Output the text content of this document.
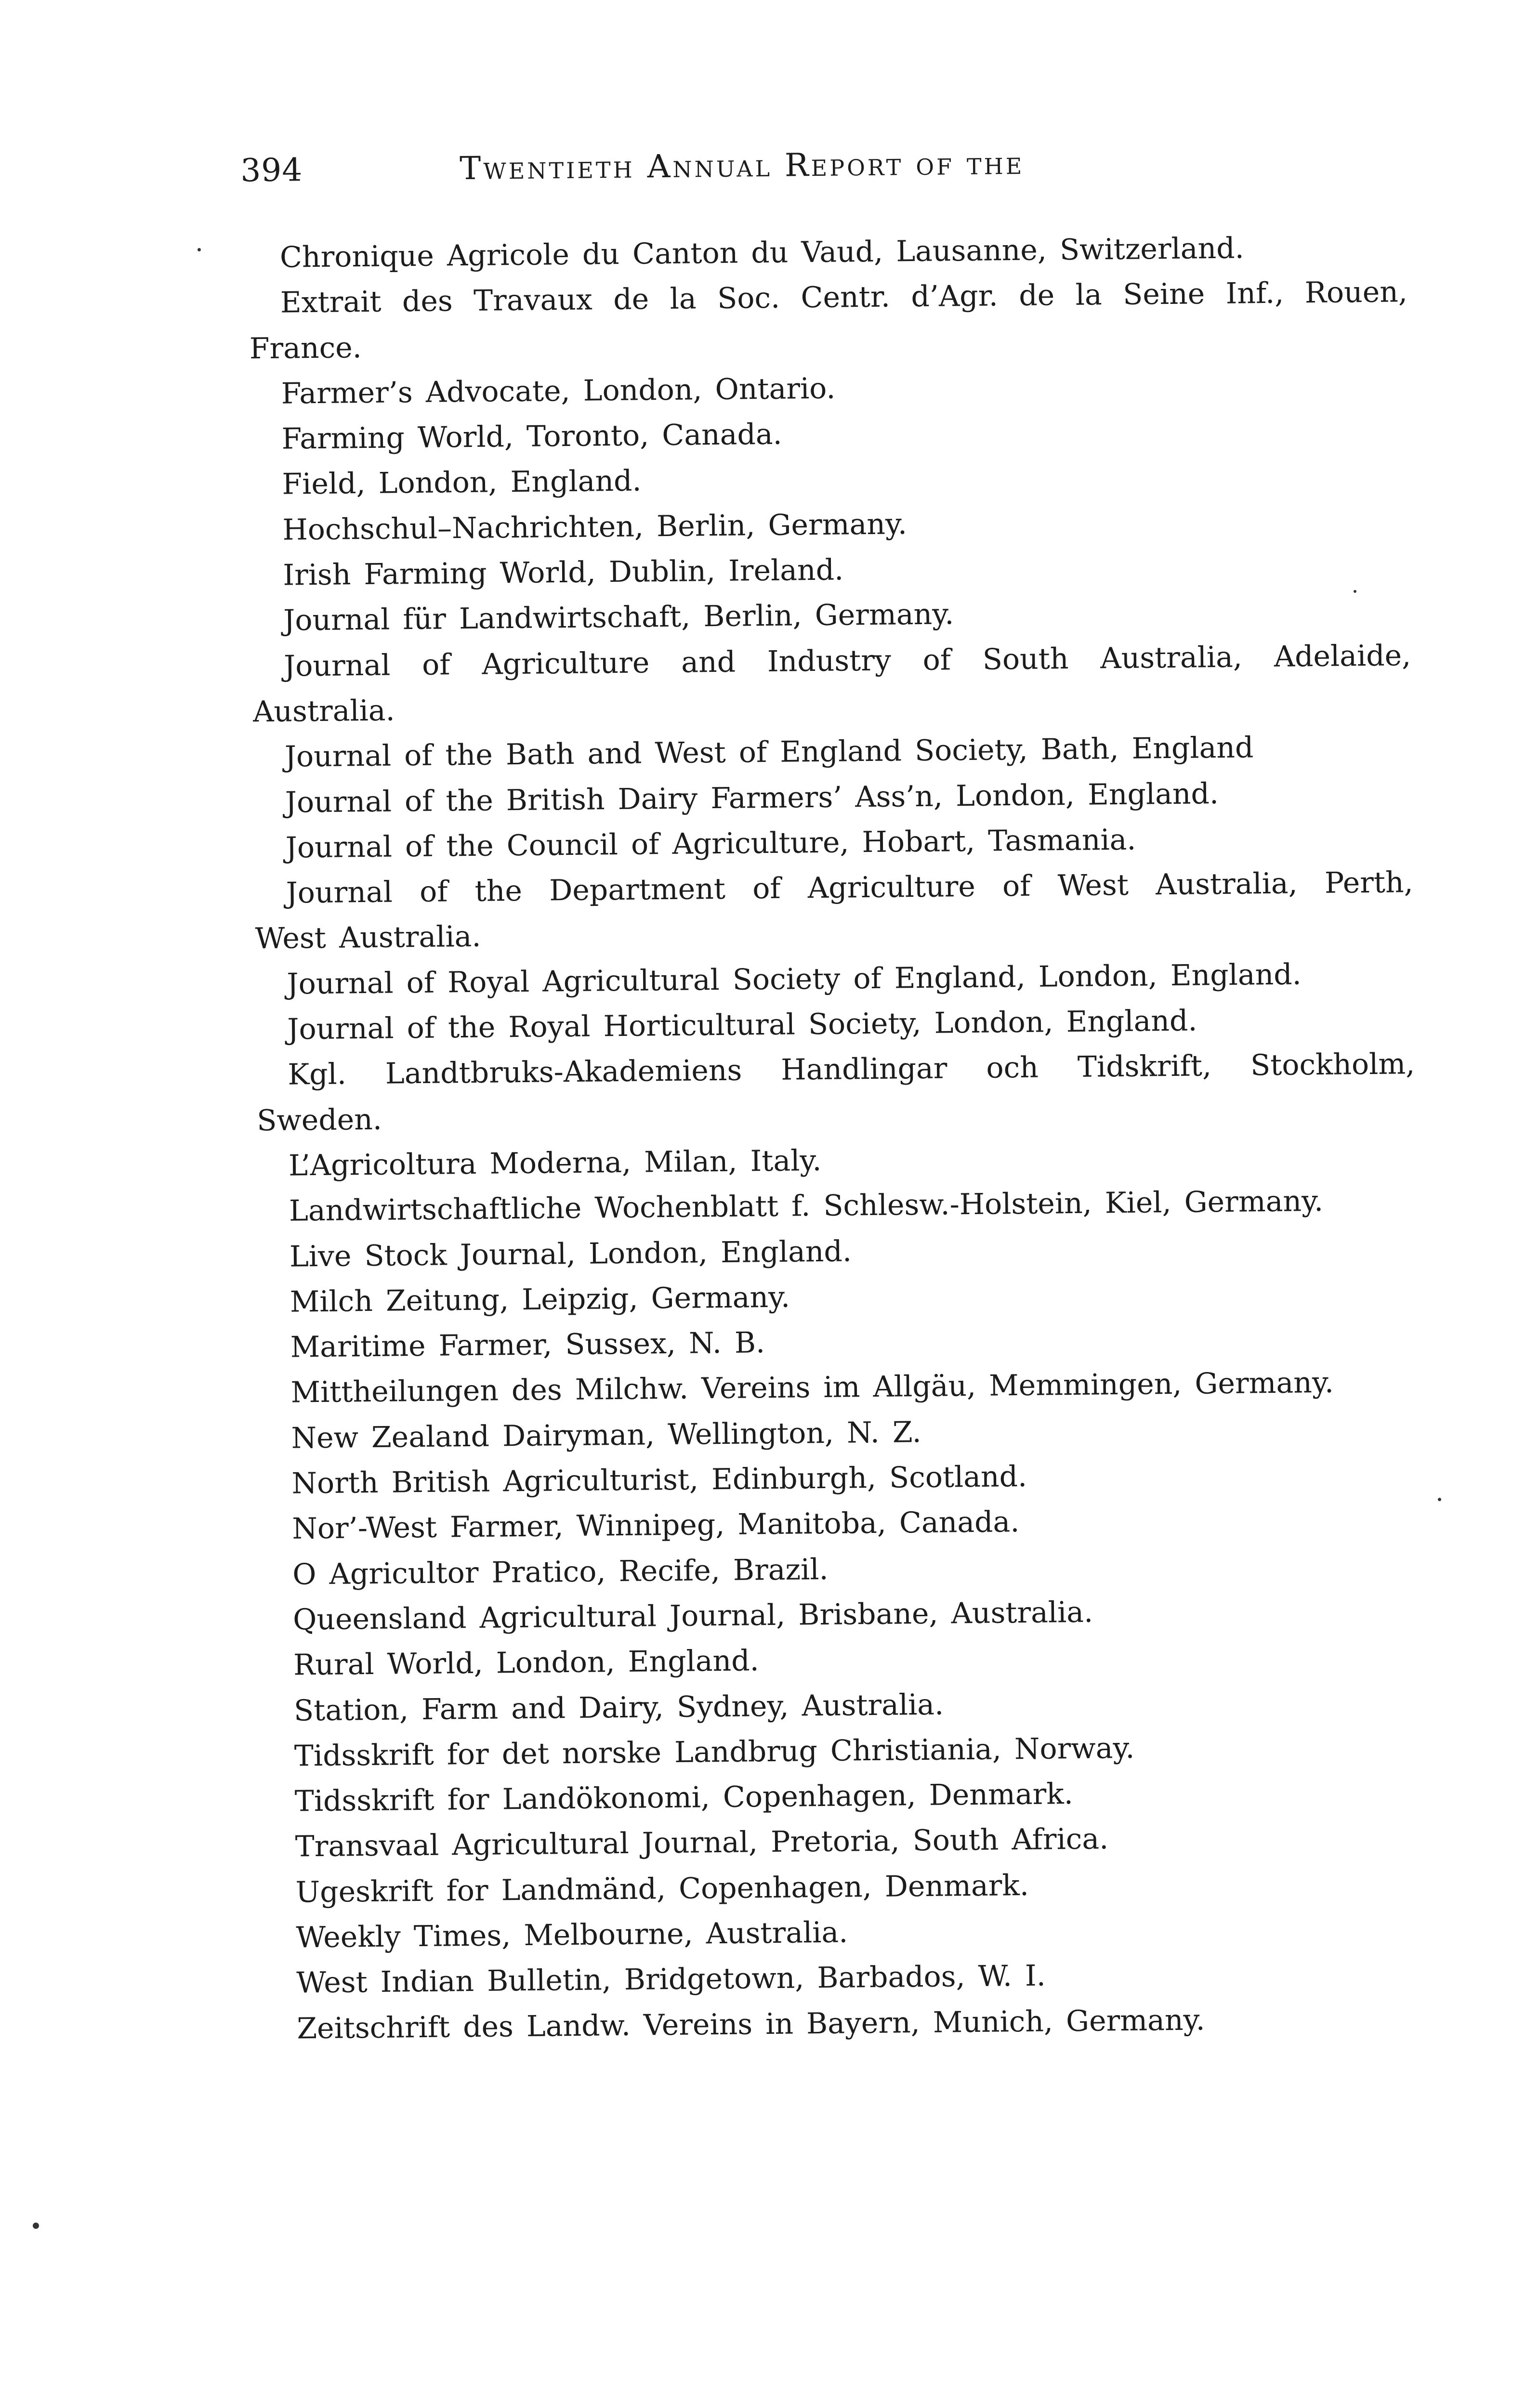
394	Twentieth Annual Report of the
Chronique Agricole du Canton du Vaud, Lausanne, Switzerland.
Extrait des Travaux de la Soc. Centr. d’Agr. de la Seine Inf., Rouen,
France.
Farmer’s Advocate, London, Ontario.
Farming World, Toronto, Canada.
Field, London, England.
Hochschul–Nachrichten, Berlin, Germany.
Irish Farming World, Dublin, Ireland.
Journal für Landwirtschaft, Berlin, Germany.
Journal of Agriculture and Industry of South Australia, Adelaide,
Australia.
Journal of the Bath and West of England Society, Bath, England
Journal of the British Dairy Farmers’ Ass’n, London, England.
Journal of the Council of Agriculture, Hobart, Tasmania.
Journal of the Department of Agriculture of West Australia, Perth,
West Australia.
Journal of Royal Agricultural Society of England, London, England.
Journal of the Royal Horticultural Society, London, England.
Kgl. Landtbruks-Akademiens Handlingar och Tidskrift, Stockholm,
Sweden.
L’Agricoltura Moderna, Milan, Italy.
Landwirtschaftliche Wochenblatt f. Schlesw.-Holstein, Kiel, Germany.
Live Stock Journal, London, England.
Milch Zeitung, Leipzig, Germany.
Maritime Farmer, Sussex, N. B.
Mittheilungen des Milchw. Vereins im Allgäu, Memmingen, Germany.
New Zealand Dairyman, Wellington, N. Z.
North British Agriculturist, Edinburgh, Scotland.
Nor’-West Farmer, Winnipeg, Manitoba, Canada.
O Agricultor Pratico, Recife, Brazil.
Queensland Agricultural Journal, Brisbane, Australia.
Rural World, London, England.
Station, Farm and Dairy, Sydney, Australia.
Tidsskrift for det norske Landbrug Christiania, Norway.
Tidsskrift for Landökonomi, Copenhagen, Denmark.
Transvaal Agricultural Journal, Pretoria, South Africa.
Ugeskrift for Landmänd, Copenhagen, Denmark.
Weekly Times, Melbourne, Australia.
West Indian Bulletin, Bridgetown, Barbados, W. I.
Zeitschrift des Landw. Vereins in Bayern, Munich, Germany.
